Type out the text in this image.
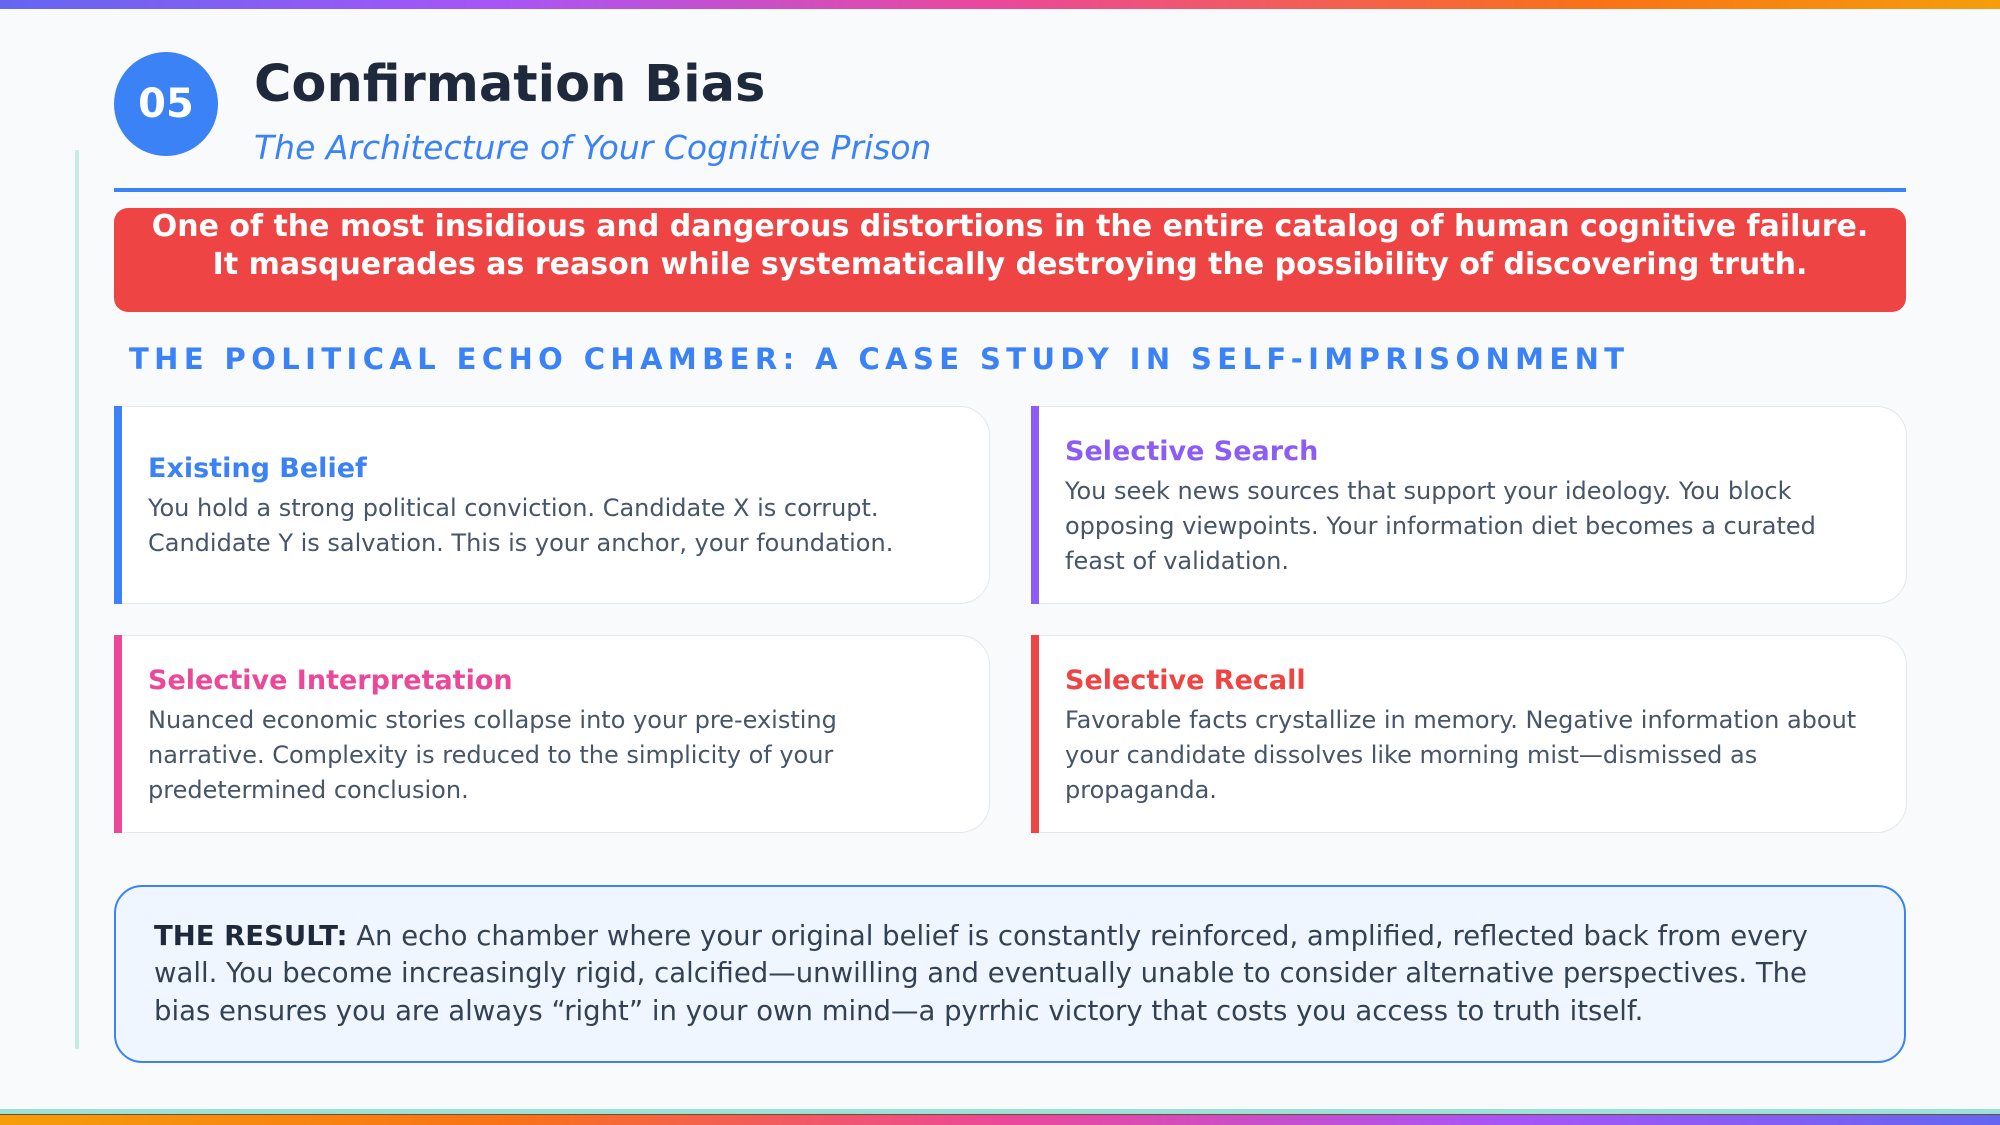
05 Confirmation Bias
The Architecture of Your Cognitive Prison
One of the most insidious and dangerous distortions in the entire catalog of human cognitive failure. It masquerades as reason while systematically destroying the possibility of discovering truth.
THE POLITICAL ECHO CHAMBER: A CASE STUDY IN SELF-IMPRISONMENT
Existing Belief
You hold a strong political conviction. Candidate X is corrupt. Candidate Y is salvation. This is your anchor, your foundation.
Selective Search
You seek news sources that support your ideology. You block opposing viewpoints. Your information diet becomes a curated feast of validation.
Selective Interpretation
Nuanced economic stories collapse into your pre-existing narrative. Complexity is reduced to the simplicity of your predetermined conclusion.
Selective Recall
Favorable facts crystallize in memory. Negative information about your candidate dissolves like morning mist—dismissed as propaganda.

THE RESULT: An echo chamber where your original belief is constantly reinforced, amplified, reflected back from every wall. You become increasingly rigid, calcified—unwilling and eventually unable to consider alternative perspectives. The bias ensures you are always “right” in your own mind—a pyrrhic victory that costs you access to truth itself.
